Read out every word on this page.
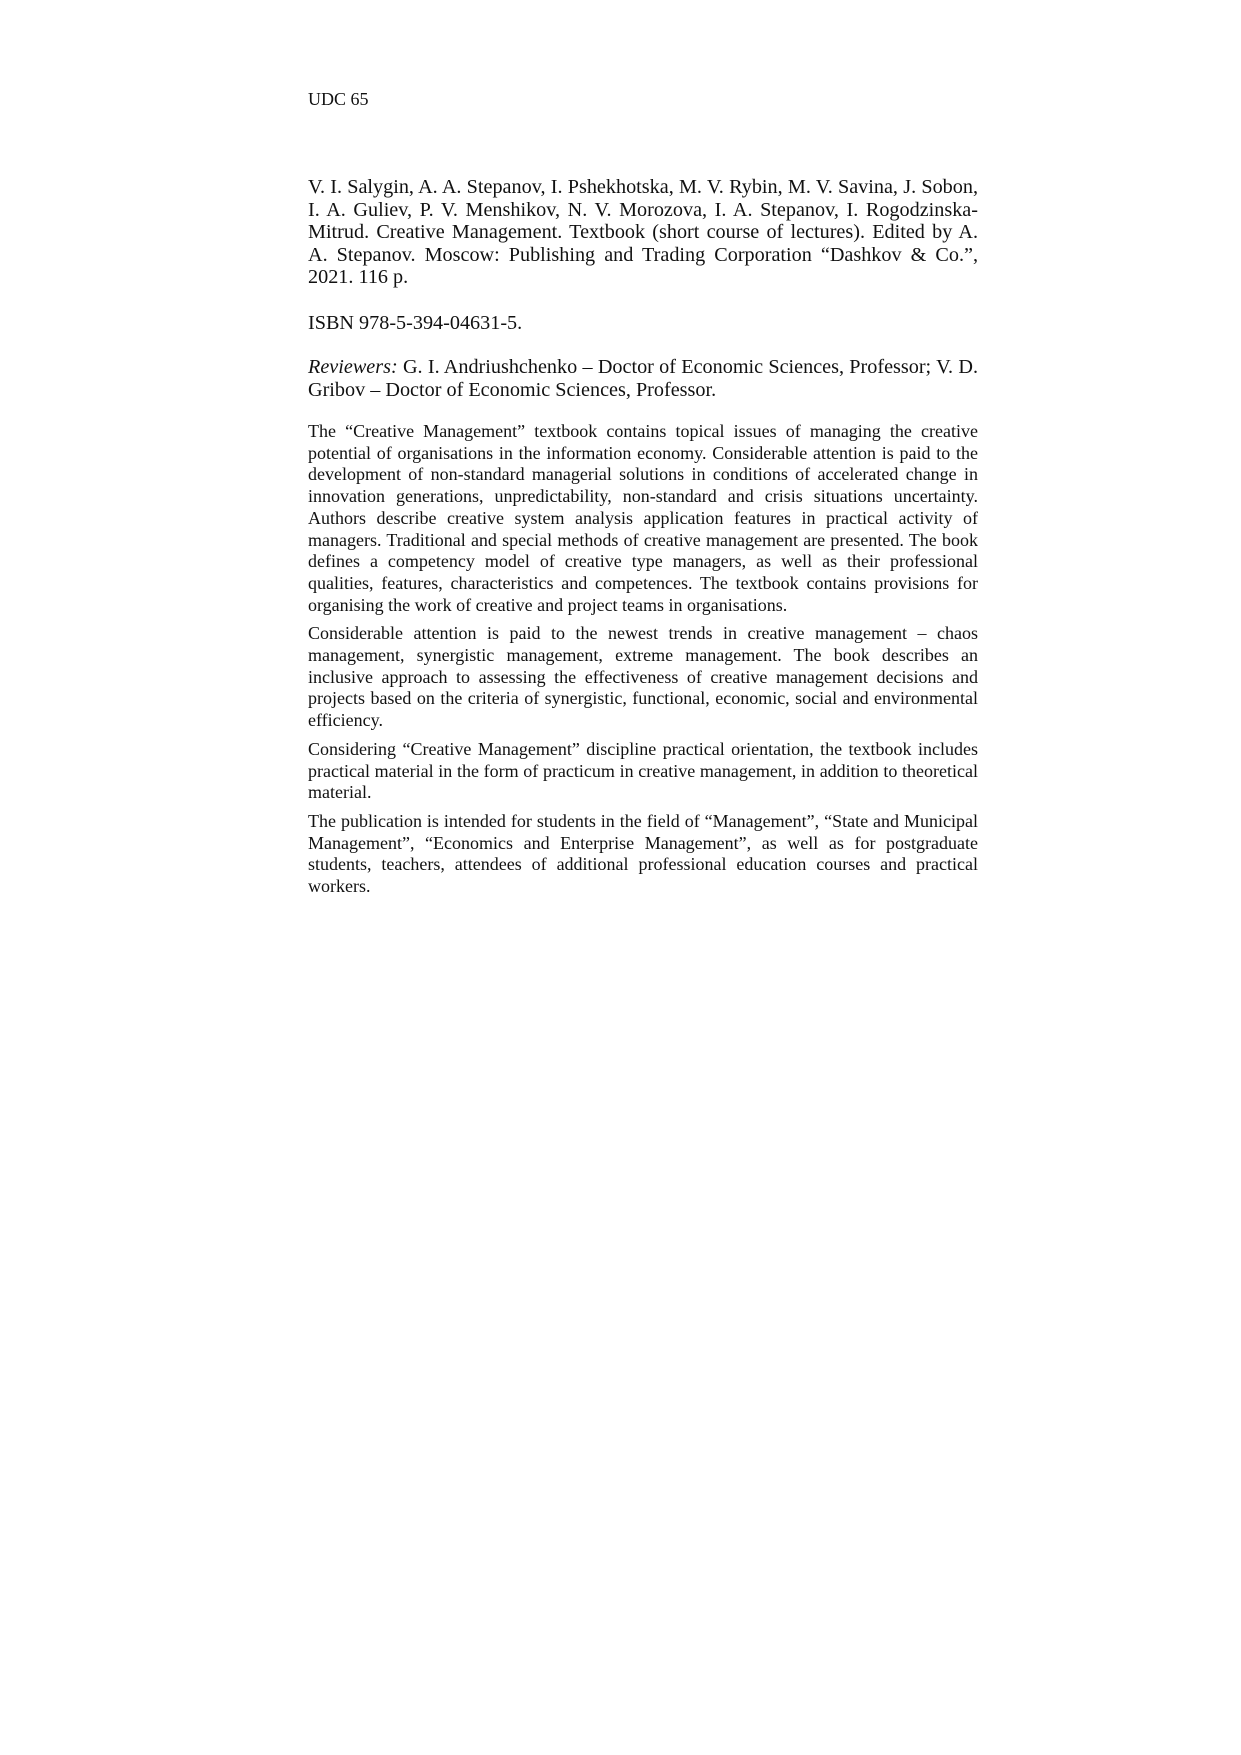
UDC 65

V. I. Salygin, A. A. Stepanov, I. Pshekhotska, M. V. Rybin, M. V. Savina, J. Sobon, I. A. Guliev, P. V. Menshikov, N. V. Morozova, I. A. Stepanov, I. Rogodzinska-Mitrud. Creative Management. Textbook (short course of lectures). Edited by A. A. Stepanov. Moscow: Publishing and Trading Corporation “Dashkov & Co.”, 2021. 116 p.

ISBN 978-5-394-04631-5.

Reviewers: G. I. Andriushchenko – Doctor of Economic Sciences, Professor; V. D. Gribov – Doctor of Economic Sciences, Professor.

The “Creative Management” textbook contains topical issues of managing the creative potential of organisations in the information economy. Considerable attention is paid to the development of non-standard managerial solutions in conditions of accelerated change in innovation generations, unpredictability, non-standard and crisis situations uncertainty. Authors describe creative system analysis application features in practical activity of managers. Traditional and special methods of creative management are presented. The book defines a competency model of creative type managers, as well as their professional qualities, features, characteristics and competences. The textbook contains provisions for organising the work of creative and project teams in organisations.

Considerable attention is paid to the newest trends in creative management – chaos management, synergistic management, extreme management. The book describes an inclusive approach to assessing the effectiveness of creative management decisions and projects based on the criteria of synergistic, functional, economic, social and environmental efficiency.

Considering “Creative Management” discipline practical orientation, the textbook includes practical material in the form of practicum in creative management, in addition to theoretical material.

The publication is intended for students in the field of “Management”, “State and Municipal Management”, “Economics and Enterprise Management”, as well as for postgraduate students, teachers, attendees of additional professional education courses and practical workers.
